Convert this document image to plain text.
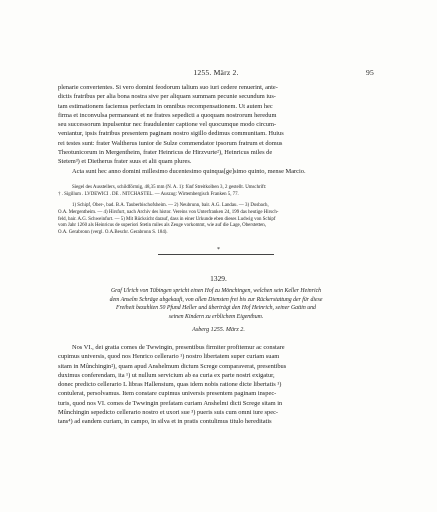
1255. März 2.	95

plenarie convertentes. Si vero domini feodorum talium suo iuri cedere renuerint, ante-

dictis fratribus per alia bona nostra sive per aliquam summam pecunie secundum ius-

tam estimationem faciemus perfectam in omnibus recompensationem. Ut autem hec

firma et inconvulsa permaneant et ne fratres sepedicti a quoquam nostrorum heredum

seu successorum inpulsentur nec fraudulenter captione vel quocumque modo circum-

veniantur, ipsis fratribus presentem paginam nostro sigillo dedimus communitam. Huius

rei testes sunt: frater Waltherus iunior de Sulze commendator ipsorum fratrum et domus

Theotunicorum in Mergentheim, frater Heinricus de Hirzvurte²), Heinricus miles de

Stetem³) et Dietherus frater suus et alii quam plures.

Acta sunt hec anno domini millesimo ducentesimo quinqua[ge]simo quinto, mense Marcio.

Siegel des Ausstellers, schildförmig, 48,35 mm (N. A. 1): fünf Streitkolben 3, 2 gestellt. Umschrift:

† . Sigillum . LVDEWICI . DE . NITCHASTEL. — Auszug: Wirtembergisch Franken 5, 77.

1) Schipf, Ober-, bad. B.A. Tauberbischofsheim. — 2) Neubrunn, bair. A.G. Landau. — 3) Dosbach,

O.A. Mergentheim. — 4) Hirsfurt, nach Archiv des histor. Vereins von Unterfranken 24, 199 das heutige Hirsch-

feld, bair. A.G. Schweinfurt. — 5) Mit Rücksicht darauf, dass in einer Urkunde eben dieses Ludwig von Schipf

vom Jahr 1260 als Heinricus de superiori Stetin miles als Zeuge vorkommt, wie auf die Lage, Oberstetten,

O.A. Gerabronn (vergl. O.A.Beschr. Gerabronn S. 184).

*
1329.
Graf Ulrich von Tübingen spricht einen Hof zu Mönchingen, welchen sein Keller Heinrich
dem Anselm Schräge abgekauft, von allen Diensten frei bis zur Rückerstattung der für diese
Freiheit bezahlten 50 Pfund Heller und überträgt den Hof Heinrich, seiner Gattin und
seinen Kindern zu erblichem Eigenthum.
Asberg 1255. März 2.

Nos VI., dei gratia comes de Twwingin, presentibus firmiter profitemur ac constare

cupimus universis, quod nos Henrico cellerario ¹) nostro libertatem super curiam suam

sitam in Mûnchingin²), quam apud Anshelmum dictum Screge comparaverat, presentibus

duximus conferendam, ita ¹) ut nullum servicium ab ea curia ex parte nostri exigatur,

donec predicto cellerario L libras Hallensium, quas idem nobis ratione dicte libertatis ¹)

contulerat, persolvamus. Item constare cupimus universis presentem paginam inspec-

turis, quod nos VI. comes de Twwingin prefatam curiam Anshelmi dicti Screge sitam in

Mûnchingin sepedicto cellerario nostro et uxori sue ³) pueris suis cum omni iure spec-

tans⁴) ad eandem curiam, in campo, in silva et in pratis contulimus titulo hereditatis
